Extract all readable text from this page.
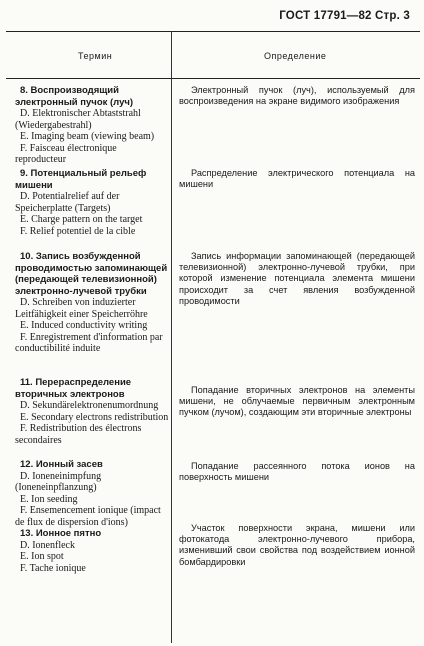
ГОСТ 17791—82 Стр. 3
Термин	Определение
8. Воспроизводящий электронный пучок (луч)
D. Elektronischer Abtaststrahl (Wiedergabestrahl)
E. Imaging beam (viewing beam)
F. Faisceau électronique reproducteur
Электронный пучок (луч), используемый для воспроизведения на экране видимого изображения
9. Потенциальный рельеф мишени
D. Potentialrelief auf der Speicherplatte (Targets)
E. Charge pattern on the target
F. Relief potentiel de la cible
Распределение электрического потенциала на мишени
10. Запись возбужденной проводимостью запоминающей (передающей телевизионной) электронно-лучевой трубки
D. Schreiben von induzierter Leitfähigkeit einer Speicherröhre
E. Induced conductivity writing
F. Enregistrement d'information par conductibilité induite
Запись информации запоминающей (передающей телевизионной) электронно-лучевой трубки, при которой изменение потенциала элемента мишени происходит за счет явления возбужденной проводимости
11. Перераспределение вторичных электронов
D. Sekundärelektronenumordnung
E. Secondary electrons redistribution
F. Redistribution des électrons secondaires
Попадание вторичных электронов на элементы мишени, не облучаемые первичным электронным пучком (лучом), создающим эти вторичные электроны
12. Ионный засев
D. Ioneneinimpfung (Ioneneinpflanzung)
E. Ion seeding
F. Ensemencement ionique (impact de flux de dispersion d'ions)
Попадание рассеянного потока ионов на поверхность мишени
13. Ионное пятно
D. Ionenfleck
E. Ion spot
F. Tache ionique
Участок поверхности экрана, мишени или фотокатода электронно-лучевого прибора, изменивший свои свойства под воздействием ионной бомбардировки
